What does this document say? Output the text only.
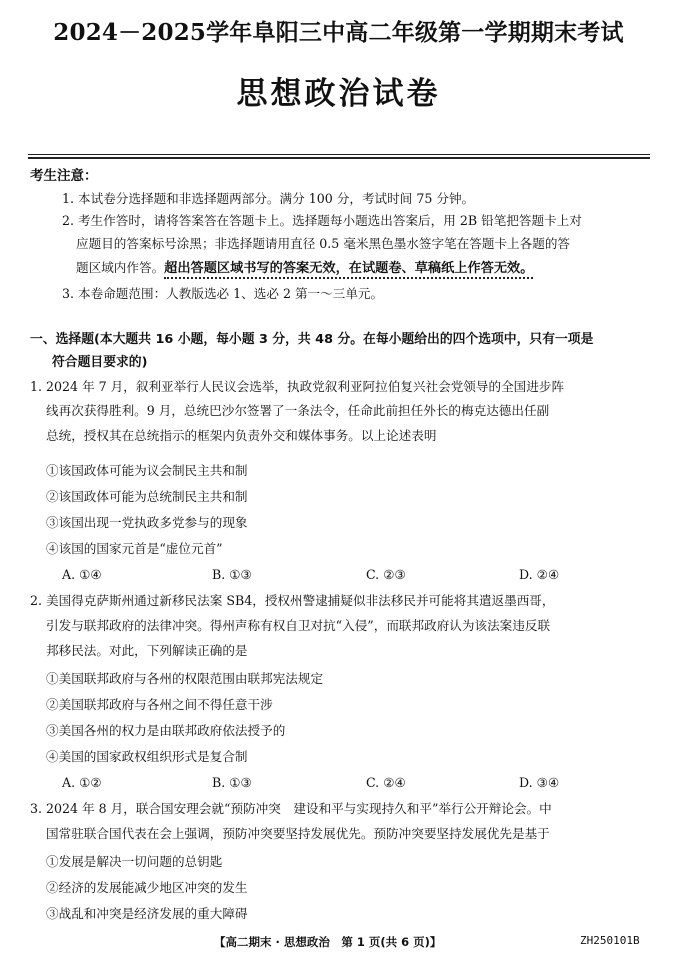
2024－2025学年阜阳三中高二年级第一学期期末考试
思想政治试卷
考生注意：
1. 本试卷分选择题和非选择题两部分。满分 100 分，考试时间 75 分钟。
2. 考生作答时，请将答案答在答题卡上。选择题每小题选出答案后，用 2B 铅笔把答题卡上对
应题目的答案标号涂黑；非选择题请用直径 0.5 毫米黑色墨水签字笔在答题卡上各题的答
题区域内作答。超出答题区域书写的答案无效，在试题卷、草稿纸上作答无效。
3. 本卷命题范围：人教版选必 1、选必 2 第一～三单元。
一、选择题(本大题共 16 小题，每小题 3 分，共 48 分。在每小题给出的四个选项中，只有一项是
符合题目要求的)
1. 2024 年 7 月，叙利亚举行人民议会选举，执政党叙利亚阿拉伯复兴社会党领导的全国进步阵
线再次获得胜利。9 月，总统巴沙尔签署了一条法令，任命此前担任外长的梅克达德出任副
总统，授权其在总统指示的框架内负责外交和媒体事务。以上论述表明
①该国政体可能为议会制民主共和制
②该国政体可能为总统制民主共和制
③该国出现一党执政多党参与的现象
④该国的国家元首是“虚位元首”
A. ①④	B. ①③	C. ②③	D. ②④
2. 美国得克萨斯州通过新移民法案 SB4，授权州警逮捕疑似非法移民并可能将其遣返墨西哥，
引发与联邦政府的法律冲突。得州声称有权自卫对抗“入侵”，而联邦政府认为该法案违反联
邦移民法。对此，下列解读正确的是
①美国联邦政府与各州的权限范围由联邦宪法规定
②美国联邦政府与各州之间不得任意干涉
③美国各州的权力是由联邦政府依法授予的
④美国的国家政权组织形式是复合制
A. ①②	B. ①③	C. ②④	D. ③④
3. 2024 年 8 月，联合国安理会就“预防冲突　建设和平与实现持久和平”举行公开辩论会。中
国常驻联合国代表在会上强调，预防冲突要坚持发展优先。预防冲突要坚持发展优先是基于
①发展是解决一切问题的总钥匙
②经济的发展能减少地区冲突的发生
③战乱和冲突是经济发展的重大障碍
【高二期末 · 思想政治　第 1 页(共 6 页)】	ZH250101B
